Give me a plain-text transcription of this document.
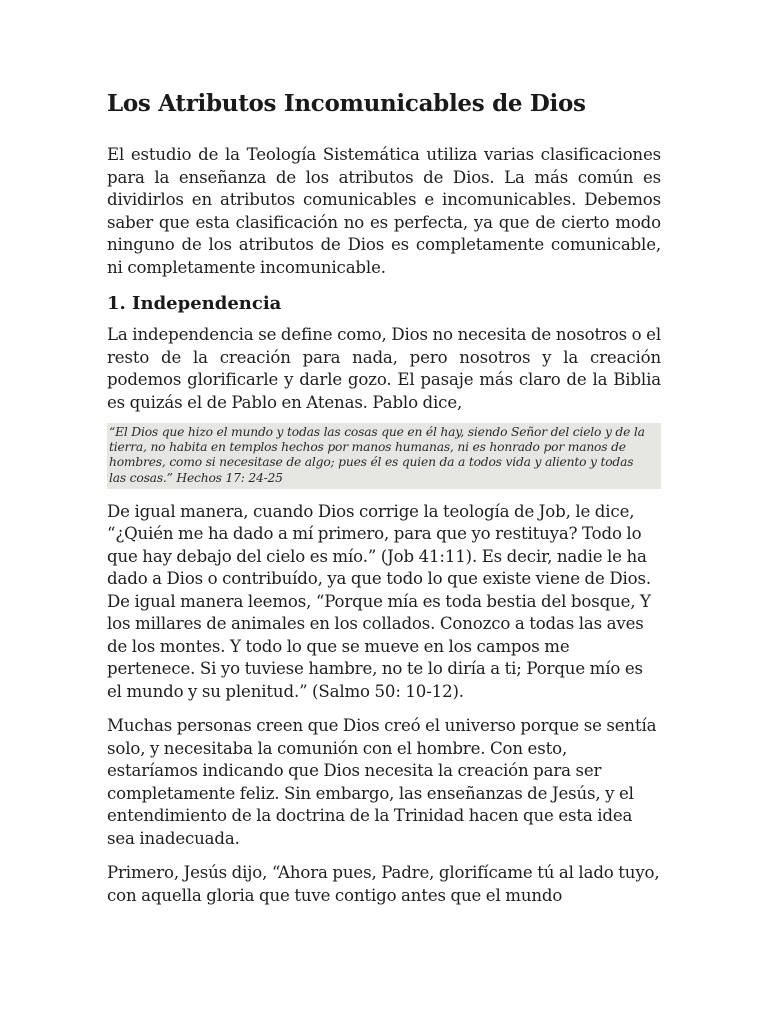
Los Atributos Incomunicables de Dios

El estudio de la Teología Sistemática utiliza varias clasificaciones para la enseñanza de los atributos de Dios. La más común es dividirlos en atributos comunicables e incomunicables. Debemos saber que esta clasificación no es perfecta, ya que de cierto modo ninguno de los atributos de Dios es completamente comunicable, ni completamente incomunicable.

1. Independencia

La independencia se define como, Dios no necesita de nosotros o el resto de la creación para nada, pero nosotros y la creación podemos glorificarle y darle gozo. El pasaje más claro de la Biblia es quizás el de Pablo en Atenas. Pablo dice,

“El Dios que hizo el mundo y todas las cosas que en él hay, siendo Señor del cielo y de la tierra, no habita en templos hechos por manos humanas, ni es honrado por manos de hombres, como si necesitase de algo; pues él es quien da a todos vida y aliento y todas las cosas.” Hechos 17: 24-25

De igual manera, cuando Dios corrige la teología de Job, le dice, “¿Quién me ha dado a mí primero, para que yo restituya? Todo lo que hay debajo del cielo es mío.” (Job 41:11). Es decir, nadie le ha dado a Dios o contribuído, ya que todo lo que existe viene de Dios. De igual manera leemos, “Porque mía es toda bestia del bosque, Y los millares de animales en los collados. Conozco a todas las aves de los montes. Y todo lo que se mueve en los campos me pertenece. Si yo tuviese hambre, no te lo diría a ti; Porque mío es el mundo y su plenitud.” (Salmo 50: 10-12).

Muchas personas creen que Dios creó el universo porque se sentía solo, y necesitaba la comunión con el hombre. Con esto, estaríamos indicando que Dios necesita la creación para ser completamente feliz. Sin embargo, las enseñanzas de Jesús, y el entendimiento de la doctrina de la Trinidad hacen que esta idea sea inadecuada.

Primero, Jesús dijo, “Ahora pues, Padre, glorifícame tú al lado tuyo, con aquella gloria que tuve contigo antes que el mundo
